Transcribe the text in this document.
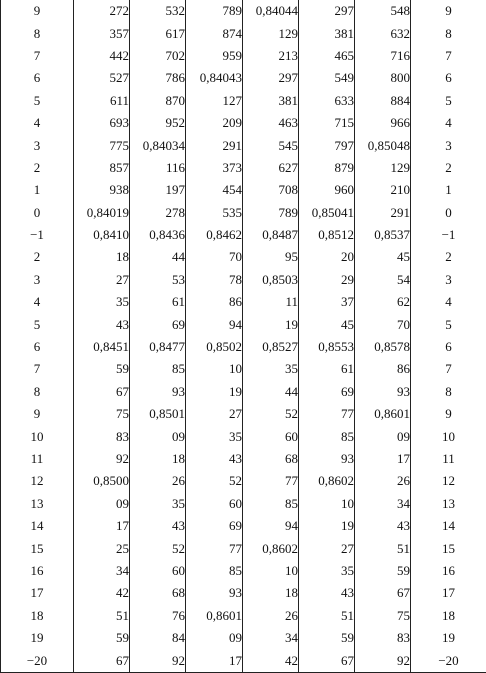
9	272	532	789	0,84044	297	548	9
8	357	617	874	129	381	632	8
7	442	702	959	213	465	716	7
6	527	786	0,84043	297	549	800	6
5	611	870	127	381	633	884	5
4	693	952	209	463	715	966	4
3	775	0,84034	291	545	797	0,85048	3
2	857	116	373	627	879	129	2
1	938	197	454	708	960	210	1
0	0,84019	278	535	789	0,85041	291	0
−1	0,8410	0,8436	0,8462	0,8487	0,8512	0,8537	−1
2	18	44	70	95	20	45	2
3	27	53	78	0,8503	29	54	3
4	35	61	86	11	37	62	4
5	43	69	94	19	45	70	5
6	0,8451	0,8477	0,8502	0,8527	0,8553	0,8578	6
7	59	85	10	35	61	86	7
8	67	93	19	44	69	93	8
9	75	0,8501	27	52	77	0,8601	9
10	83	09	35	60	85	09	10
11	92	18	43	68	93	17	11
12	0,8500	26	52	77	0,8602	26	12
13	09	35	60	85	10	34	13
14	17	43	69	94	19	43	14
15	25	52	77	0,8602	27	51	15
16	34	60	85	10	35	59	16
17	42	68	93	18	43	67	17
18	51	76	0,8601	26	51	75	18
19	59	84	09	34	59	83	19
−20	67	92	17	42	67	92	−20
